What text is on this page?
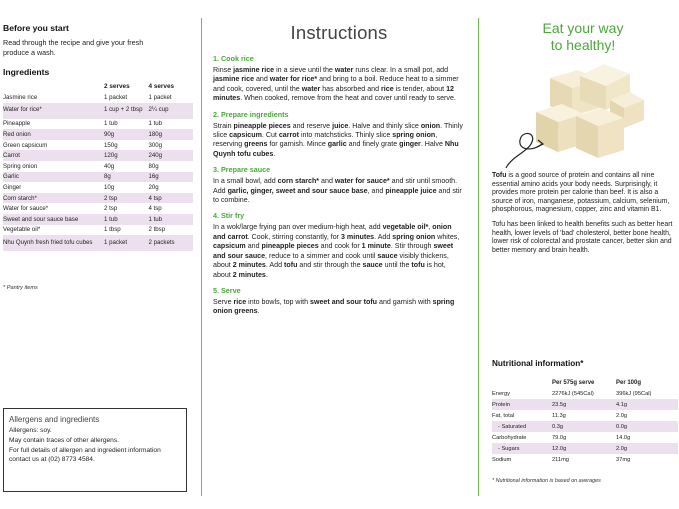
Before you start
Read through the recipe and give your fresh produce a wash.
Ingredients
	2 serves	4 serves
Jasmine rice	1 packet	1 packet
Water for rice*	1 cup + 2 tbsp	2¼ cup
Pineapple	1 tub	1 tub
Red onion	90g	180g
Green capsicum	150g	300g
Carrot	120g	240g
Spring onion	40g	80g
Garlic	8g	16g
Ginger	10g	20g
Corn starch*	2 tsp	4 tsp
Water for sauce*	2 tsp	4 tsp
Sweet and sour sauce base	1 tub	1 tub
Vegetable oil*	1 tbsp	2 tbsp
Nhu Quynh fresh fried tofu cubes	1 packet	2 packets
* Pantry items
Allergens and ingredients
Allergens: soy.
May contain traces of other allergens.
For full details of allergen and ingredient information contact us at (02) 8773 4584.
Instructions
1. Cook rice
Rinse jasmine rice in a sieve until the water runs clear. In a small pot, add jasmine rice and water for rice* and bring to a boil. Reduce heat to a simmer and cook, covered, until the water has absorbed and rice is tender, about 12 minutes. When cooked, remove from the heat and cover until ready to serve.
2. Prepare ingredients
Strain pineapple pieces and reserve juice. Halve and thinly slice onion. Thinly slice capsicum. Cut carrot into matchsticks. Thinly slice spring onion, reserving greens for garnish. Mince garlic and finely grate ginger. Halve Nhu Quynh tofu cubes.
3. Prepare sauce
In a small bowl, add corn starch* and water for sauce* and stir until smooth. Add garlic, ginger, sweet and sour sauce base, and pineapple juice and stir to combine.
4. Stir fry
In a wok/large frying pan over medium-high heat, add vegetable oil*, onion and carrot. Cook, stirring constantly, for 3 minutes. Add spring onion whites, capsicum and pineapple pieces and cook for 1 minute. Stir through sweet and sour sauce, reduce to a simmer and cook until sauce visibly thickens, about 2 minutes. Add tofu and stir through the sauce until the tofu is hot, about 2 minutes.
5. Serve
Serve rice into bowls, top with sweet and sour tofu and garnish with spring onion greens.
Eat your way
to healthy!

Tofu is a good source of protein and contains all nine essential amino acids your body needs. Surprisingly, it provides more protein per calorie than beef. It is also a source of iron, manganese, potassium, calcium, selenium, phosphorous, magnesium, copper, zinc and vitamin B1.

Tofu has been linked to health benefits such as better heart health, lower levels of 'bad' cholesterol, better bone health, lower risk of colorectal and prostate cancer, better skin and better memory and brain health.

Nutritional information*
	Per 575g serve	Per 100g
Energy	2276kJ (545Cal)	396kJ (95Cal)
Protein	23.5g	4.1g
Fat, total	11.3g	2.0g
- Saturated	0.3g	0.0g
Carbohydrate	79.0g	14.0g
- Sugars	12.0g	2.0g
Sodium	211mg	37mg
* Nutritional information is based on averages
